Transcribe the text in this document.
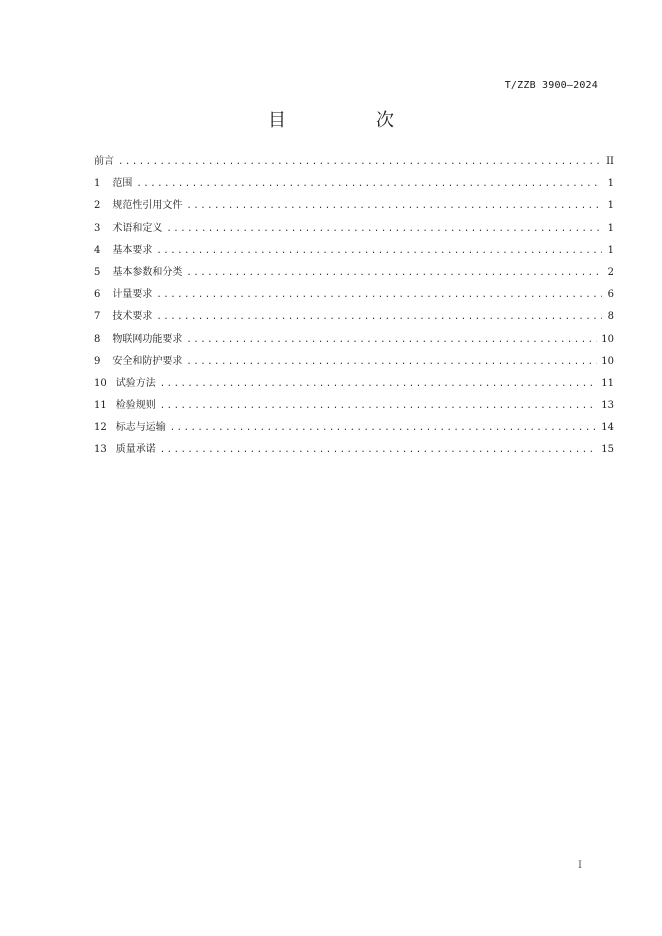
T/ZZB 3900—2024
目　次
前言 .....	II
1 范围 .....	1
2 规范性引用文件 .....	1
3 术语和定义 .....	1
4 基本要求 .....	1
5 基本参数和分类 .....	2
6 计量要求 .....	6
7 技术要求 .....	8
8 物联网功能要求 .....	10
9 安全和防护要求 .....	10
10 试验方法 .....	11
11 检验规则 .....	13
12 标志与运输 .....	14
13 质量承诺 .....	15
I
